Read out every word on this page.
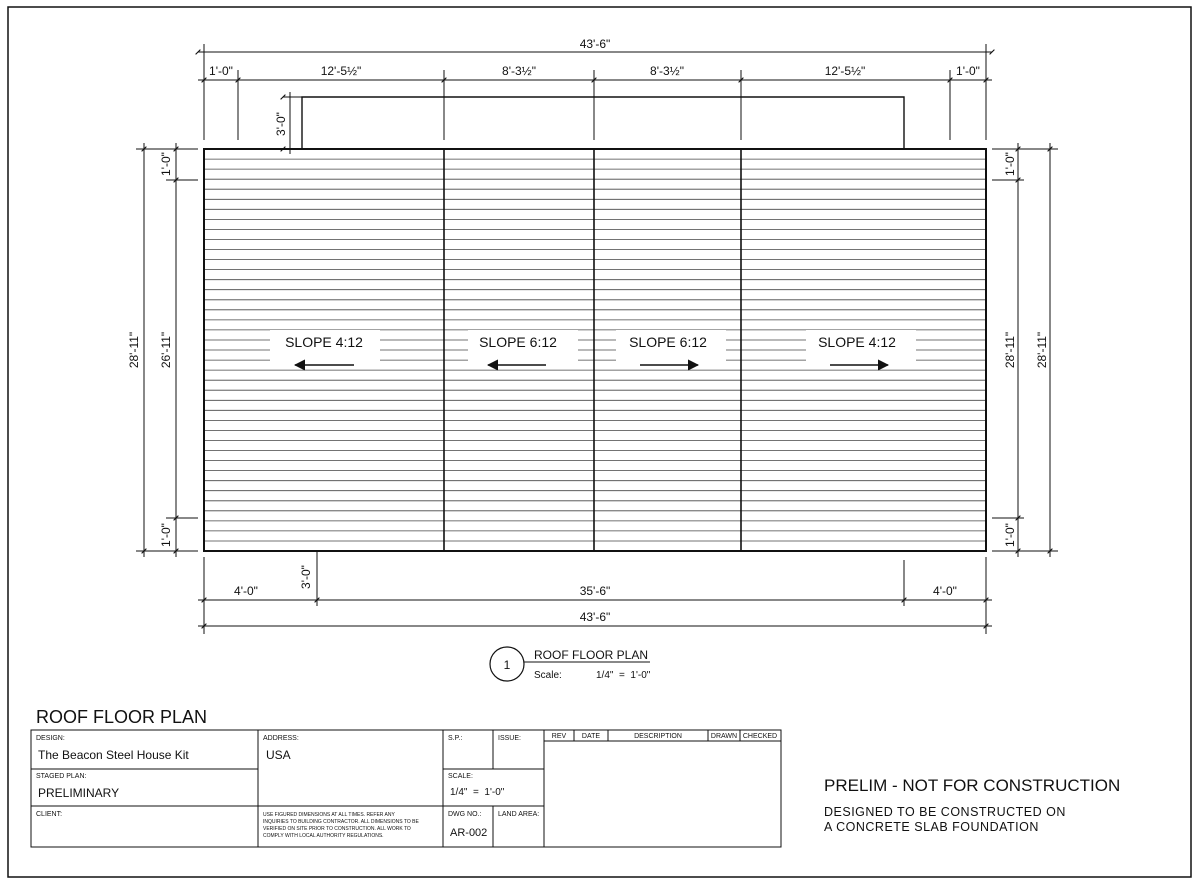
43'-6"
1'-0"	12'-5½"	8'-3½"	8'-3½"	12'-5½"	1'-0"
3'-0"
28'-11" 26'-11"
1'-0"
1'-0"
28'-11" 28'-11"
1'-0"
1'-0"
4'-0"
3'-0"
35'-6"	4'-0"
43'-6"
SLOPE 4:12	SLOPE 6:12	SLOPE 6:12	SLOPE 4:12
1
ROOF FLOOR PLAN
Scale:	1/4"  =  1'-0"
ROOF FLOOR PLAN
DESIGN:
The Beacon Steel House Kit
STAGED PLAN:
PRELIMINARY
CLIENT:
ADDRESS:
USA
USE FIGURED DIMENSIONS AT ALL TIMES. REFER ANY
INQUIRIES TO BUILDING CONTRACTOR. ALL DIMENSIONS TO BE
VERIFIED ON SITE PRIOR TO CONSTRUCTION. ALL WORK TO
COMPLY WITH LOCAL AUTHORITY REGULATIONS.
S.P.:	ISSUE:
SCALE:
1/4"  =  1'-0"
DWG NO.:
AR-002
LAND AREA:
REV DATE	DESCRIPTION	DRAWN CHECKED
PRELIM - NOT FOR CONSTRUCTION
DESIGNED TO BE CONSTRUCTED ON
A CONCRETE SLAB FOUNDATION
